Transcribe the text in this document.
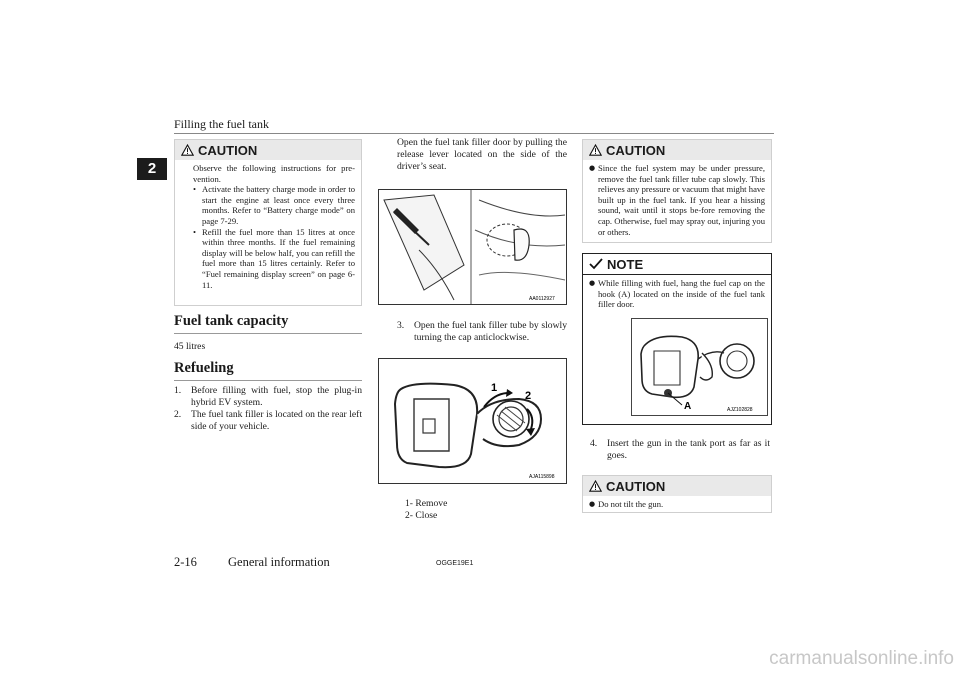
Filling the fuel tank
2
CAUTION
Observe the following instructions for pre-vention.
• Activate the battery charge mode in order to start the engine at least once every three months. Refer to “Battery charge mode” on page 7-29.
• Refill the fuel more than 15 litres at once within three months. If the fuel remaining display will be below half, you can refill the fuel more than 15 litres certainly. Refer to “Fuel remaining display screen” on page 6-11.
Fuel tank capacity
45 litres
Refueling
1. Before filling with fuel, stop the plug-in hybrid EV system.
2. The fuel tank filler is located on the rear left side of your vehicle.
Open the fuel tank filler door by pulling the release lever located on the side of the driver’s seat.
AA0112927
3. Open the fuel tank filler tube by slowly turning the cap anticlockwise.
1
2
AJA115898
1- Remove
2- Close
CAUTION
● Since the fuel system may be under pressure, remove the fuel tank filler tube cap slowly. This relieves any pressure or vacuum that might have built up in the fuel tank. If you hear a hissing sound, wait until it stops be-fore removing the cap. Otherwise, fuel may spray out, injuring you or others.
NOTE
● While filling with fuel, hang the fuel cap on the hook (A) located on the inside of the fuel tank filler door.
A	AJZ102828
4. Insert the gun in the tank port as far as it goes.
CAUTION
● Do not tilt the gun.
2-16 General information	OGGE19E1
carmanualsonline.info
